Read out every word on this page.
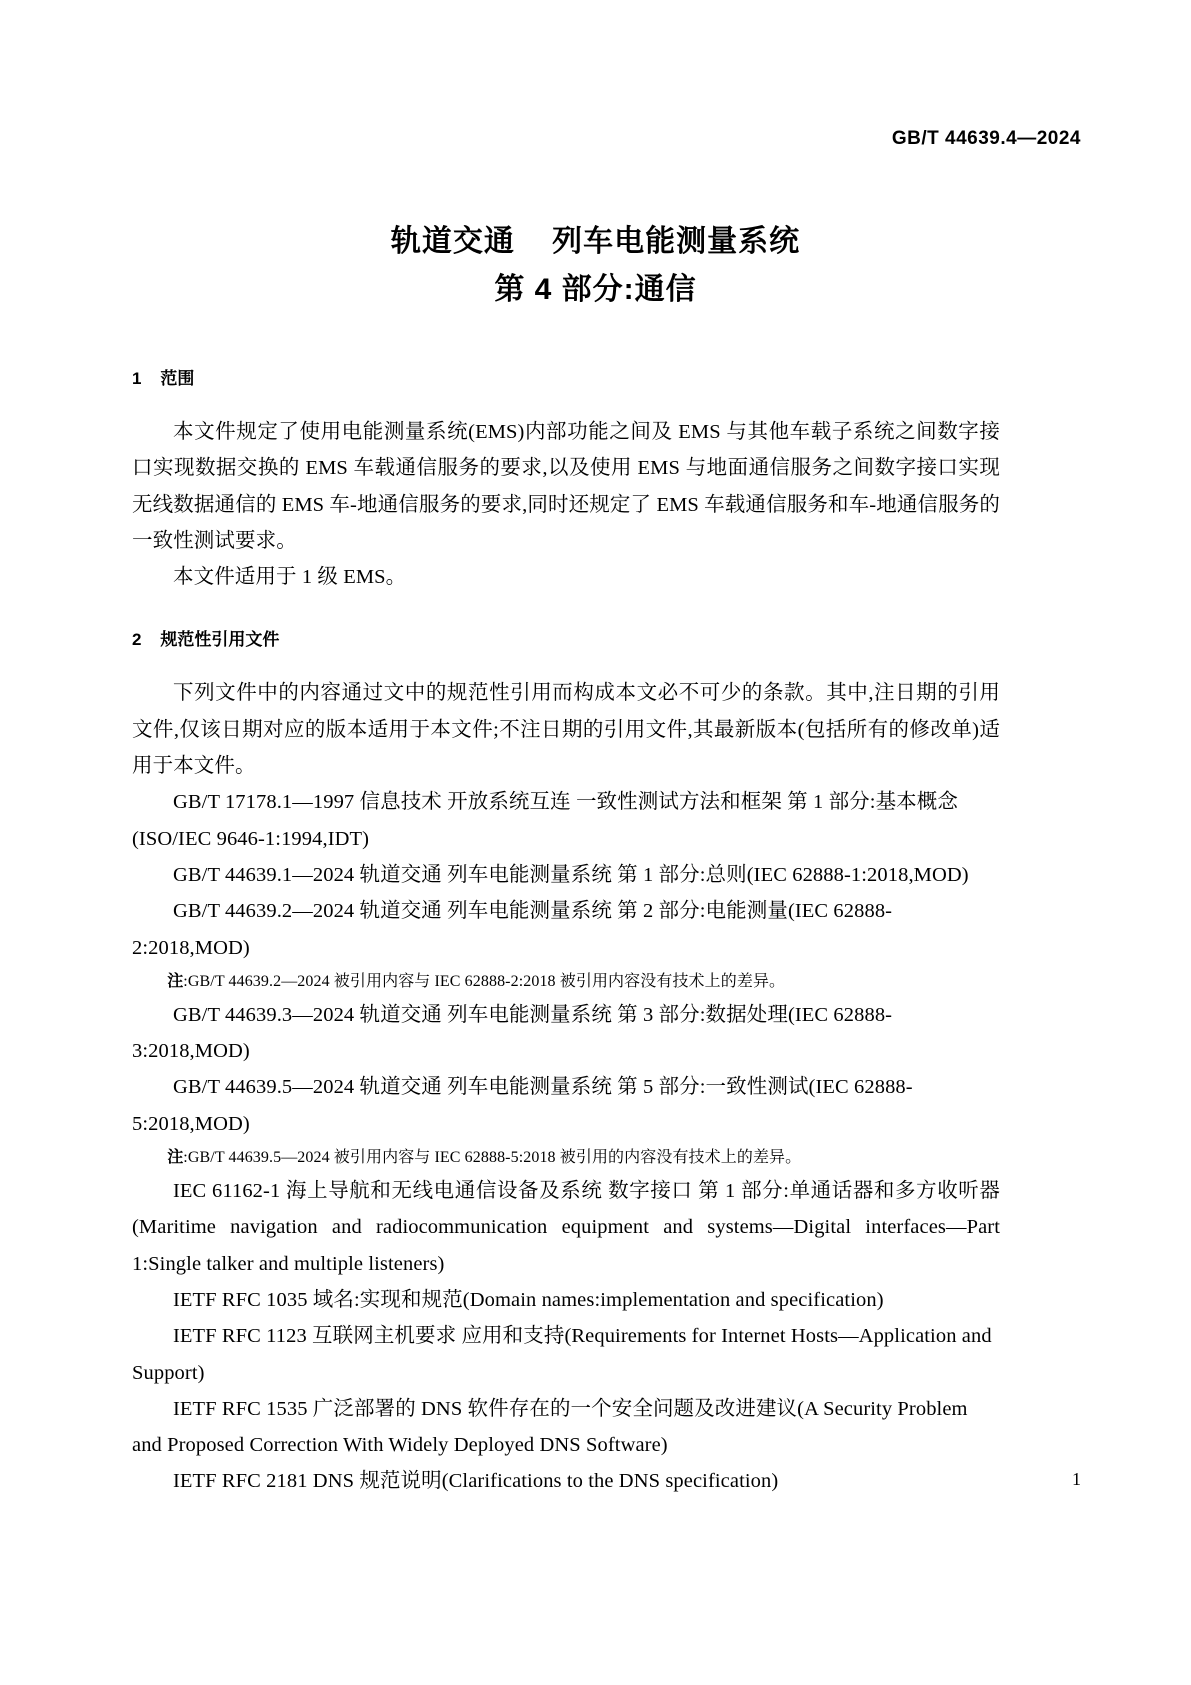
GB/T 44639.4—2024
轨道交通    列车电能测量系统
第 4 部分:通信
1    范围

本文件规定了使用电能测量系统(EMS)内部功能之间及 EMS 与其他车载子系统之间数字接口实现数据交换的 EMS 车载通信服务的要求,以及使用 EMS 与地面通信服务之间数字接口实现无线数据通信的 EMS 车-地通信服务的要求,同时还规定了 EMS 车载通信服务和车-地通信服务的一致性测试要求。

本文件适用于 1 级 EMS。

2    规范性引用文件

下列文件中的内容通过文中的规范性引用而构成本文必不可少的条款。其中,注日期的引用文件,仅该日期对应的版本适用于本文件;不注日期的引用文件,其最新版本(包括所有的修改单)适用于本文件。

GB/T 17178.1—1997 信息技术 开放系统互连 一致性测试方法和框架 第 1 部分:基本概念(ISO/IEC 9646-1:1994,IDT)

GB/T 44639.1—2024 轨道交通 列车电能测量系统 第 1 部分:总则(IEC 62888-1:2018,MOD)

GB/T 44639.2—2024 轨道交通 列车电能测量系统 第 2 部分:电能测量(IEC 62888-2:2018,MOD)

注:GB/T 44639.2—2024 被引用内容与 IEC 62888-2:2018 被引用内容没有技术上的差异。

GB/T 44639.3—2024 轨道交通 列车电能测量系统 第 3 部分:数据处理(IEC 62888-3:2018,MOD)

GB/T 44639.5—2024 轨道交通 列车电能测量系统 第 5 部分:一致性测试(IEC 62888-5:2018,MOD)

注:GB/T 44639.5—2024 被引用内容与 IEC 62888-5:2018 被引用的内容没有技术上的差异。

IEC 61162-1 海上导航和无线电通信设备及系统 数字接口 第 1 部分:单通话器和多方收听器(Maritime navigation and radiocommunication equipment and systems—Digital interfaces—Part 1:Single talker and multiple listeners)

IETF RFC 1035 域名:实现和规范(Domain names:implementation and specification)

IETF RFC 1123 互联网主机要求 应用和支持(Requirements for Internet Hosts—Application and Support)

IETF RFC 1535 广泛部署的 DNS 软件存在的一个安全问题及改进建议(A Security Problem and Proposed Correction With Widely Deployed DNS Software)

IETF RFC 2181 DNS 规范说明(Clarifications to the DNS specification)	1
